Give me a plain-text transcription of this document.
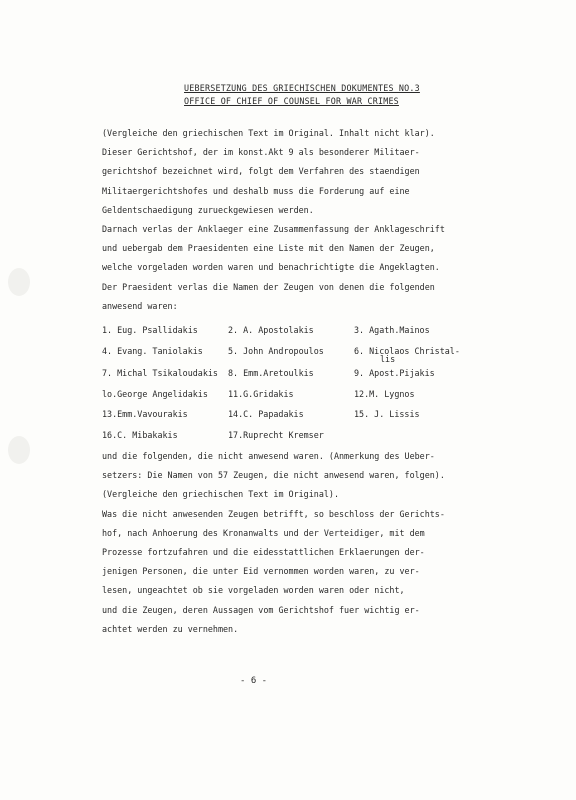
UEBERSETZUNG DES GRIECHISCHEN DOKUMENTES NO.3
OFFICE OF CHIEF OF COUNSEL FOR WAR CRIMES

(Vergleiche den griechischen Text im Original. Inhalt nicht klar).

Dieser Gerichtshof, der im konst.Akt 9 als besonderer Militaer-

gerichtshof bezeichnet wird, folgt dem Verfahren des staendigen

Militaergerichtshofes und deshalb muss die Forderung auf eine

Geldentschaedigung zurueckgewiesen werden.

Darnach verlas der Anklaeger eine Zusammenfassung der Anklageschrift

und uebergab dem Praesidenten eine Liste mit den Namen der Zeugen,

welche vorgeladen worden waren und benachrichtigte die Angeklagten.

Der Praesident verlas die Namen der Zeugen von denen die folgenden

anwesend waren:

1. Eug. Psallidakis	2. A. Apostolakis	3. Agath.Mainos
4. Evang. Taniolakis	5. John Andropoulos	6. Nicolaos Christal-
lis
7. Michal Tsikaloudakis	8. Emm.Aretoulkis	9. Apost.Pijakis
lo.George Angelidakis	11.G.Gridakis	12.M. Lygnos
13.Emm.Vavourakis	14.C. Papadakis	15. J. Lissis
16.C. Mibakakis	17.Ruprecht Kremser

und die folgenden, die nicht anwesend waren. (Anmerkung des Ueber-

setzers: Die Namen von 57 Zeugen, die nicht anwesend waren, folgen).

(Vergleiche den griechischen Text im Original).

Was die nicht anwesenden Zeugen betrifft, so beschloss der Gerichts-

hof, nach Anhoerung des Kronanwalts und der Verteidiger, mit dem

Prozesse fortzufahren und die eidesstattlichen Erklaerungen der-

jenigen Personen, die unter Eid vernommen worden waren, zu ver-

lesen, ungeachtet ob sie vorgeladen worden waren oder nicht,

und die Zeugen, deren Aussagen vom Gerichtshof fuer wichtig er-

achtet werden zu vernehmen.

- 6 -
